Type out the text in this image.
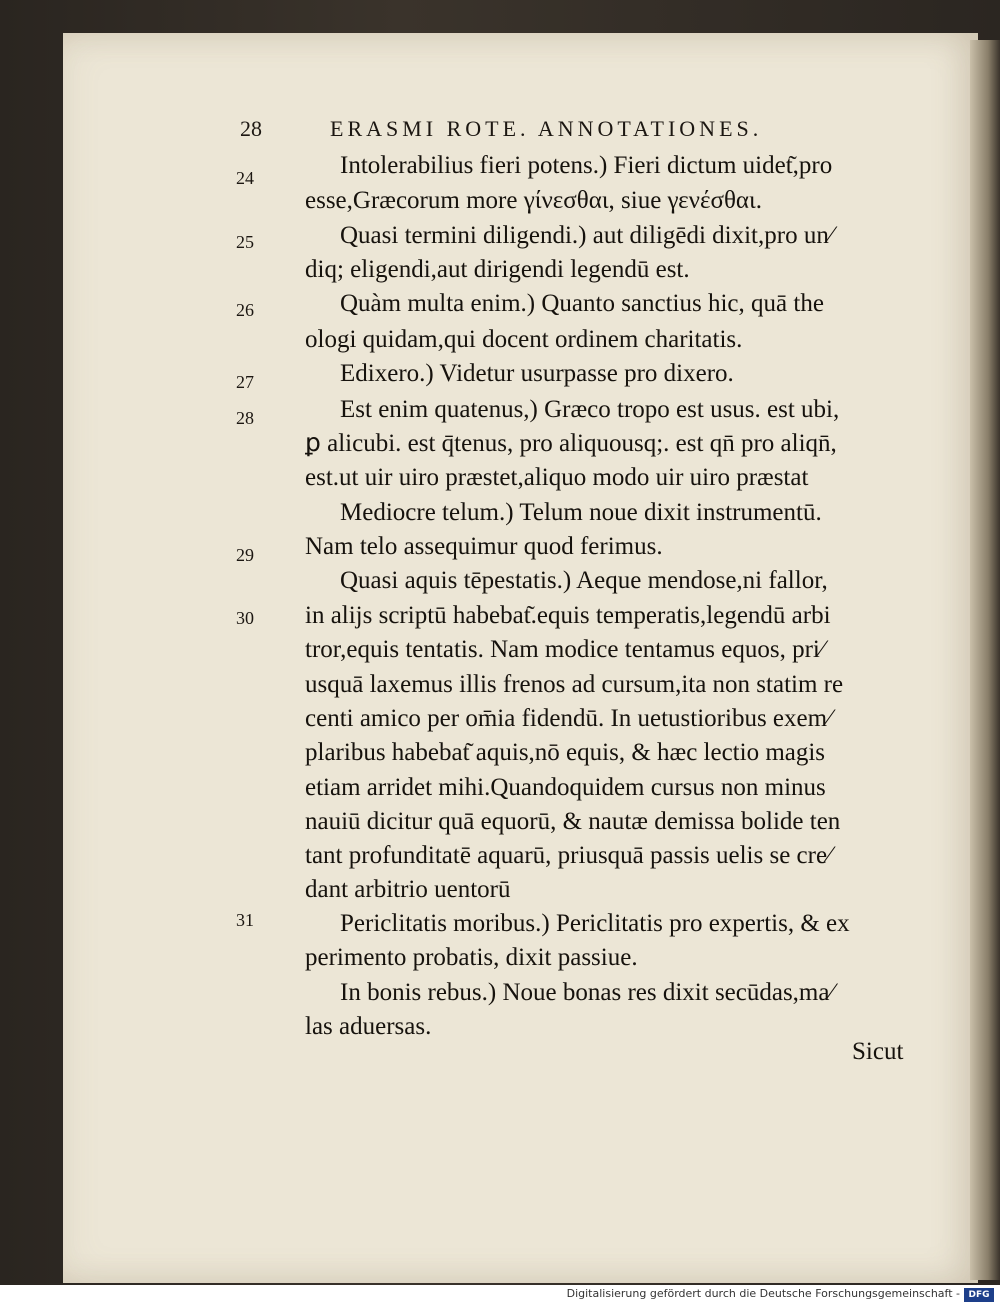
28	ERASMI ROTE. ANNOTATIONES.
24
25
26
27
28
29
30
31
Intolerabilius fieri potens.) Fieri dictum uidet͂,pro
esse,Græcorum more γίνεσθαι, siue γενέσθαι.
Quasi termini diligendi.) aut diligēdi dixit,pro un⁄
diq; eligendi,aut dirigendi legendū est.
Quàm multa enim.) Quanto sanctius hic, quā the
ologi quidam,qui docent ordinem charitatis.
Edixero.) Videtur usurpasse pro dixero.
Est enim quatenus,) Græco tropo est usus. est ubi,
ꝑ alicubi. est q̄tenus, pro aliquousq;. est qn̄ pro aliqn̄,
est.ut uir uiro præstet,aliquo modo uir uiro præstat
Mediocre telum.) Telum noue dixit instrumentū.
Nam telo assequimur quod ferimus.
Quasi aquis tēpestatis.) Aeque mendose,ni fallor,
in alijs scriptū habebat͂.equis temperatis,legendū arbi
tror,equis tentatis. Nam modice tentamus equos, pri⁄
usquā laxemus illis frenos ad cursum,ita non statim re
centi amico per om̄ia fidendū. In uetustioribus exem⁄
plaribus habebat͂ aquis,nō equis, & hæc lectio magis
etiam arridet mihi.Quandoquidem cursus non minus
nauiū dicitur quā equorū, & nautæ demissa bolide ten
tant profunditatē aquarū, priusquā passis uelis se cre⁄
dant arbitrio uentorū
Periclitatis moribus.) Periclitatis pro expertis, & ex
perimento probatis, dixit passiue.
In bonis rebus.) Noue bonas res dixit secūdas,ma⁄
las aduersas.
Sicut
Digitalisierung gefördert durch die Deutsche Forschungsgemeinschaft - DFG
